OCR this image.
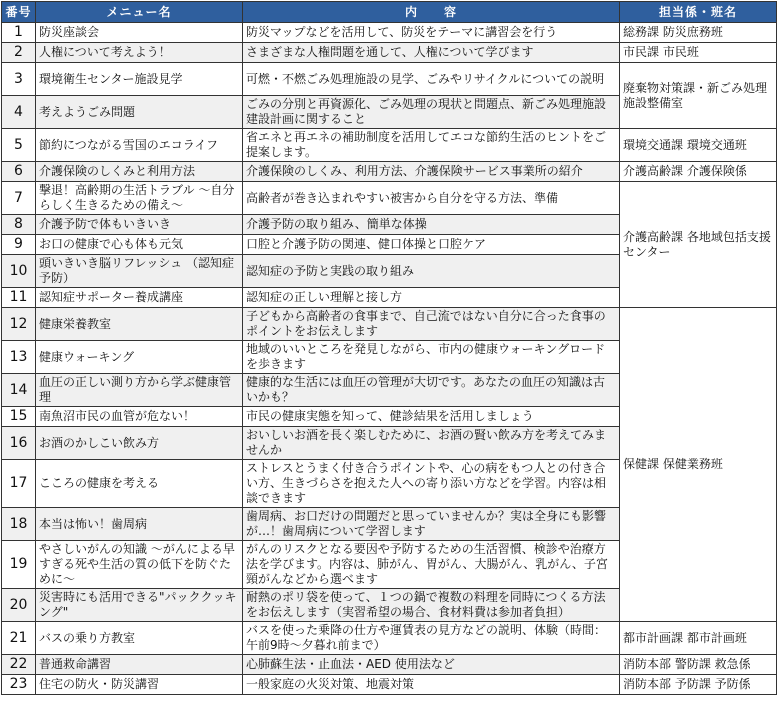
番号	メニュー名	内　　容	担当係・班名
1	防災座談会	防災マップなどを活用して、防災をテーマに講習会を行う	総務課 防災庶務班
2	人権について考えよう！	さまざまな人権問題を通して、人権について学びます	市民課 市民班
3	環境衛生センター施設見学	可燃・不燃ごみ処理施設の見学、ごみやリサイクルについての説明	廃棄物対策課・新ごみ処理施設整備室
4	考えようごみ問題	ごみの分別と再資源化、ごみ処理の現状と問題点、新ごみ処理施設建設計画に関すること	
5	節約につながる雪国のエコライフ	省エネと再エネの補助制度を活用してエコな節約生活のヒントをご提案します。	環境交通課 環境交通班
6	介護保険のしくみと利用方法	介護保険のしくみ、利用方法、介護保険サービス事業所の紹介	介護高齢課 介護保険係
7	撃退！高齢期の生活トラブル 〜自分らしく生きるための備え〜	高齢者が巻き込まれやすい被害から自分を守る方法、準備	介護高齢課 各地域包括支援センター
8	介護予防で体もいきいき	介護予防の取り組み、簡単な体操	
9	お口の健康で心も体も元気	口腔と介護予防の関連、健口体操と口腔ケア	
10	頭いきいき脳リフレッシュ （認知症予防）	認知症の予防と実践の取り組み	
11	認知症サポーター養成講座	認知症の正しい理解と接し方	
12	健康栄養教室	子どもから高齢者の食事まで、自己流ではない自分に合った食事のポイントをお伝えします	保健課 保健業務班
13	健康ウォーキング	地域のいいところを発見しながら、市内の健康ウォーキングロードを歩きます	
14	血圧の正しい測り方から学ぶ健康管理	健康的な生活には血圧の管理が大切です。あなたの血圧の知識は古いかも？	
15	南魚沼市民の血管が危ない！	市民の健康実態を知って、健診結果を活用しましょう	
16	お酒のかしこい飲み方	おいしいお酒を長く楽しむために、お酒の賢い飲み方を考えてみませんか	
17	こころの健康を考える	ストレスとうまく付き合うポイントや、心の病をもつ人との付き合い方、生きづらさを抱えた人への寄り添い方などを学習。内容は相談できます	
18	本当は怖い！歯周病	歯周病、お口だけの問題だと思っていませんか？実は全身にも影響が…！歯周病について学習します	
19	やさしいがんの知識 〜がんによる早すぎる死や生活の質の低下を防ぐために〜	がんのリスクとなる要因や予防するための生活習慣、検診や治療方法を学びます。内容は、肺がん、胃がん、大腸がん、乳がん、子宮頸がんなどから選べます	
20	災害時にも活用できる"パッククッキング"	耐熱のポリ袋を使って、１つの鍋で複数の料理を同時につくる方法をお伝えします（実習希望の場合、食材料費は参加者負担）	
21	バスの乗り方教室	バスを使った乗降の仕方や運賃表の見方などの説明、体験（時間：午前9時〜夕暮れ前まで）	都市計画課 都市計画班
22	普通救命講習	心肺蘇生法・止血法・AED 使用法など	消防本部 警防課 救急係
23	住宅の防火・防災講習	一般家庭の火災対策、地震対策	消防本部 予防課 予防係
